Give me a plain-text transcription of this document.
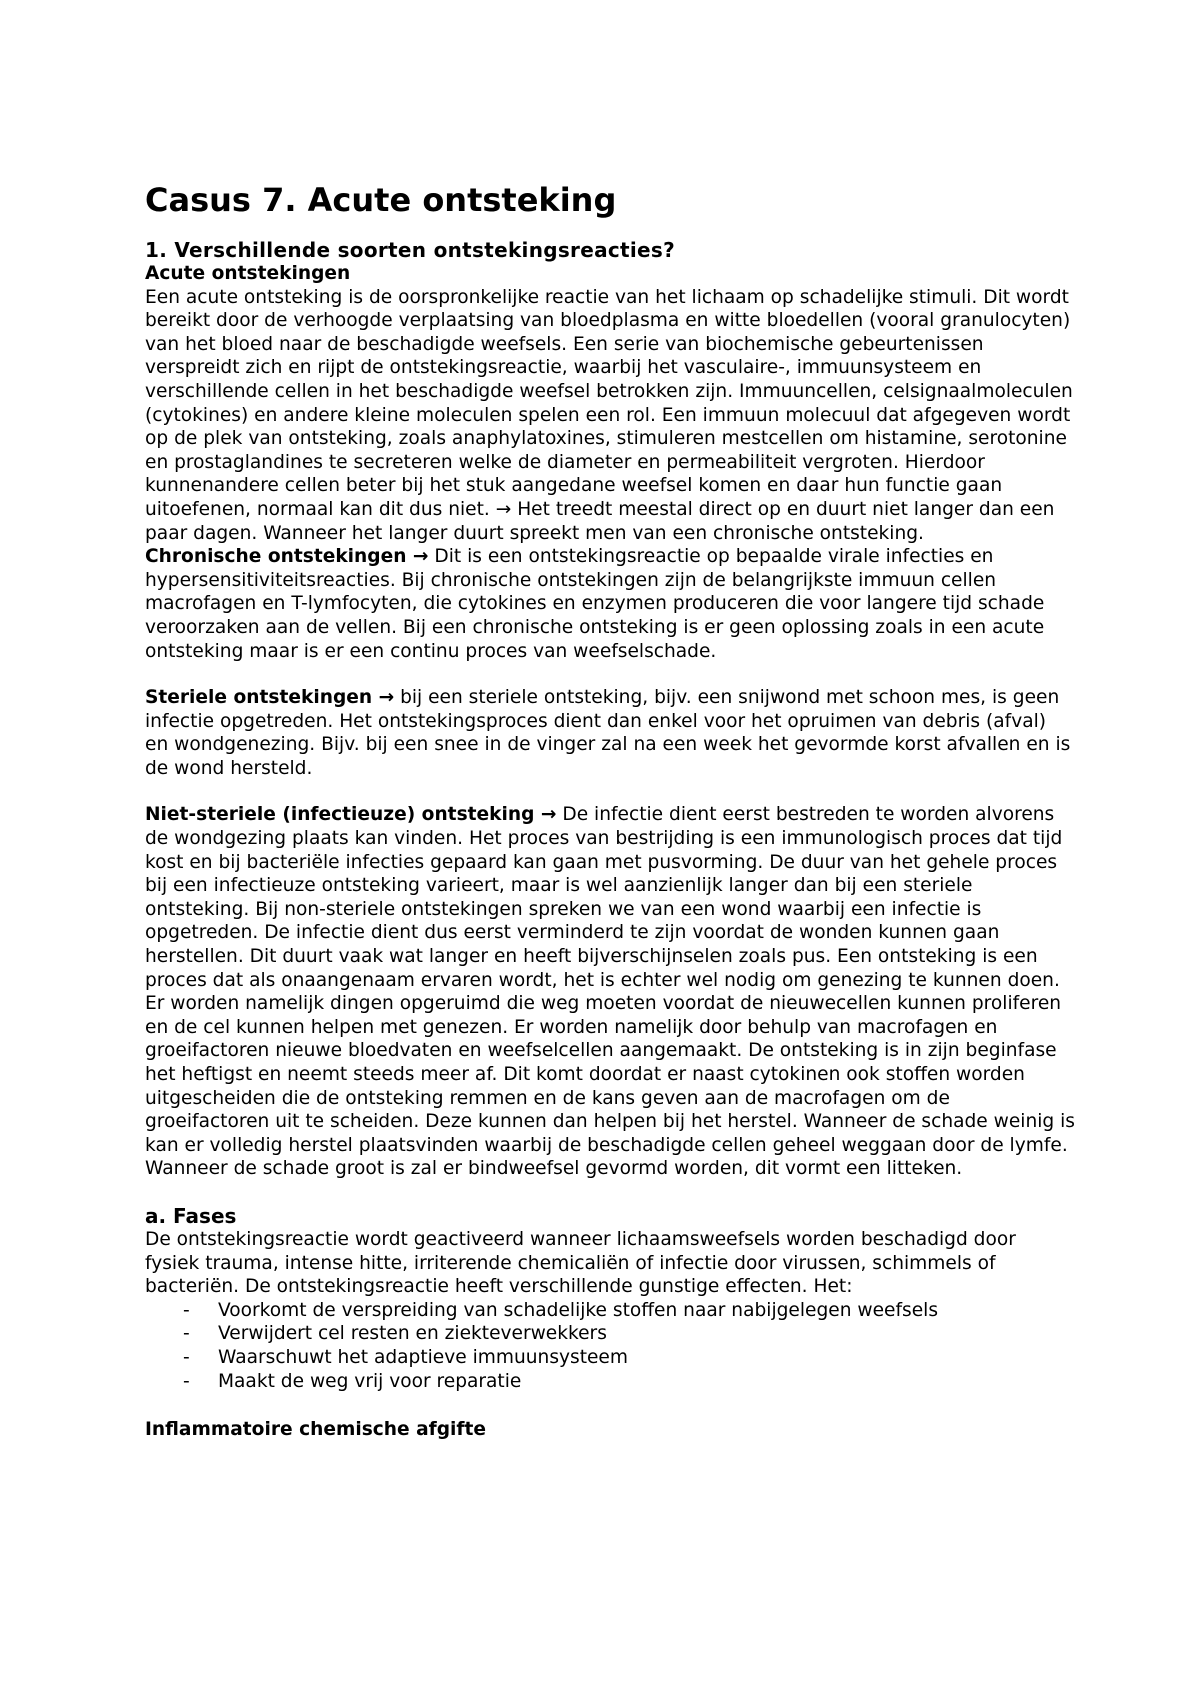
Casus 7. Acute ontsteking
1. Verschillende soorten ontstekingsreacties?
Acute ontstekingen

Een acute ontsteking is de oorspronkelijke reactie van het lichaam op schadelijke stimuli. Dit wordt bereikt door de verhoogde verplaatsing van bloedplasma en witte bloedellen (vooral granulocyten) van het bloed naar de beschadigde weefsels. Een serie van biochemische gebeurtenissen verspreidt zich en rijpt de ontstekingsreactie, waarbij het vasculaire-, immuunsysteem en verschillende cellen in het beschadigde weefsel betrokken zijn. Immuuncellen, celsignaalmoleculen (cytokines) en andere kleine moleculen spelen een rol. Een immuun molecuul dat afgegeven wordt op de plek van ontsteking, zoals anaphylatoxines, stimuleren mestcellen om histamine, serotonine en prostaglandines te secreteren welke de diameter en permeabiliteit vergroten. Hierdoor kunnenandere cellen beter bij het stuk aangedane weefsel komen en daar hun functie gaan uitoefenen, normaal kan dit dus niet. → Het treedt meestal direct op en duurt niet langer dan een paar dagen. Wanneer het langer duurt spreekt men van een chronische ontsteking.

Chronische ontstekingen → Dit is een ontstekingsreactie op bepaalde virale infecties en hypersensitiviteitsreacties. Bij chronische ontstekingen zijn de belangrijkste immuun cellen macrofagen en T-lymfocyten, die cytokines en enzymen produceren die voor langere tijd schade veroorzaken aan de vellen. Bij een chronische ontsteking is er geen oplossing zoals in een acute ontsteking maar is er een continu proces van weefselschade.

Steriele ontstekingen → bij een steriele ontsteking, bijv. een snijwond met schoon mes, is geen infectie opgetreden. Het ontstekingsproces dient dan enkel voor het opruimen van debris (afval) en wondgenezing. Bijv. bij een snee in de vinger zal na een week het gevormde korst afvallen en is de wond hersteld.

Niet-steriele (infectieuze) ontsteking → De infectie dient eerst bestreden te worden alvorens de wondgezing plaats kan vinden. Het proces van bestrijding is een immunologisch proces dat tijd kost en bij bacteriële infecties gepaard kan gaan met pusvorming. De duur van het gehele proces bij een infectieuze ontsteking varieert, maar is wel aanzienlijk langer dan bij een steriele ontsteking. Bij non-steriele ontstekingen spreken we van een wond waarbij een infectie is opgetreden. De infectie dient dus eerst verminderd te zijn voordat de wonden kunnen gaan herstellen. Dit duurt vaak wat langer en heeft bijverschijnselen zoals pus. Een ontsteking is een proces dat als onaangenaam ervaren wordt, het is echter wel nodig om genezing te kunnen doen. Er worden namelijk dingen opgeruimd die weg moeten voordat de nieuwecellen kunnen proliferen en de cel kunnen helpen met genezen. Er worden namelijk door behulp van macrofagen en groeifactoren nieuwe bloedvaten en weefselcellen aangemaakt. De ontsteking is in zijn beginfase het heftigst en neemt steeds meer af. Dit komt doordat er naast cytokinen ook stoffen worden uitgescheiden die de ontsteking remmen en de kans geven aan de macrofagen om de groeifactoren uit te scheiden. Deze kunnen dan helpen bij het herstel. Wanneer de schade weinig is kan er volledig herstel plaatsvinden waarbij de beschadigde cellen geheel weggaan door de lymfe. Wanneer de schade groot is zal er bindweefsel gevormd worden, dit vormt een litteken.

a. Fases

De ontstekingsreactie wordt geactiveerd wanneer lichaamsweefsels worden beschadigd door fysiek trauma, intense hitte, irriterende chemicaliën of infectie door virussen, schimmels of bacteriën. De ontstekingsreactie heeft verschillende gunstige effecten. Het:

- Voorkomt de verspreiding van schadelijke stoffen naar nabijgelegen weefsels
- Verwijdert cel resten en ziekteverwekkers
- Waarschuwt het adaptieve immuunsysteem
- Maakt de weg vrij voor reparatie
Inflammatoire chemische afgifte
